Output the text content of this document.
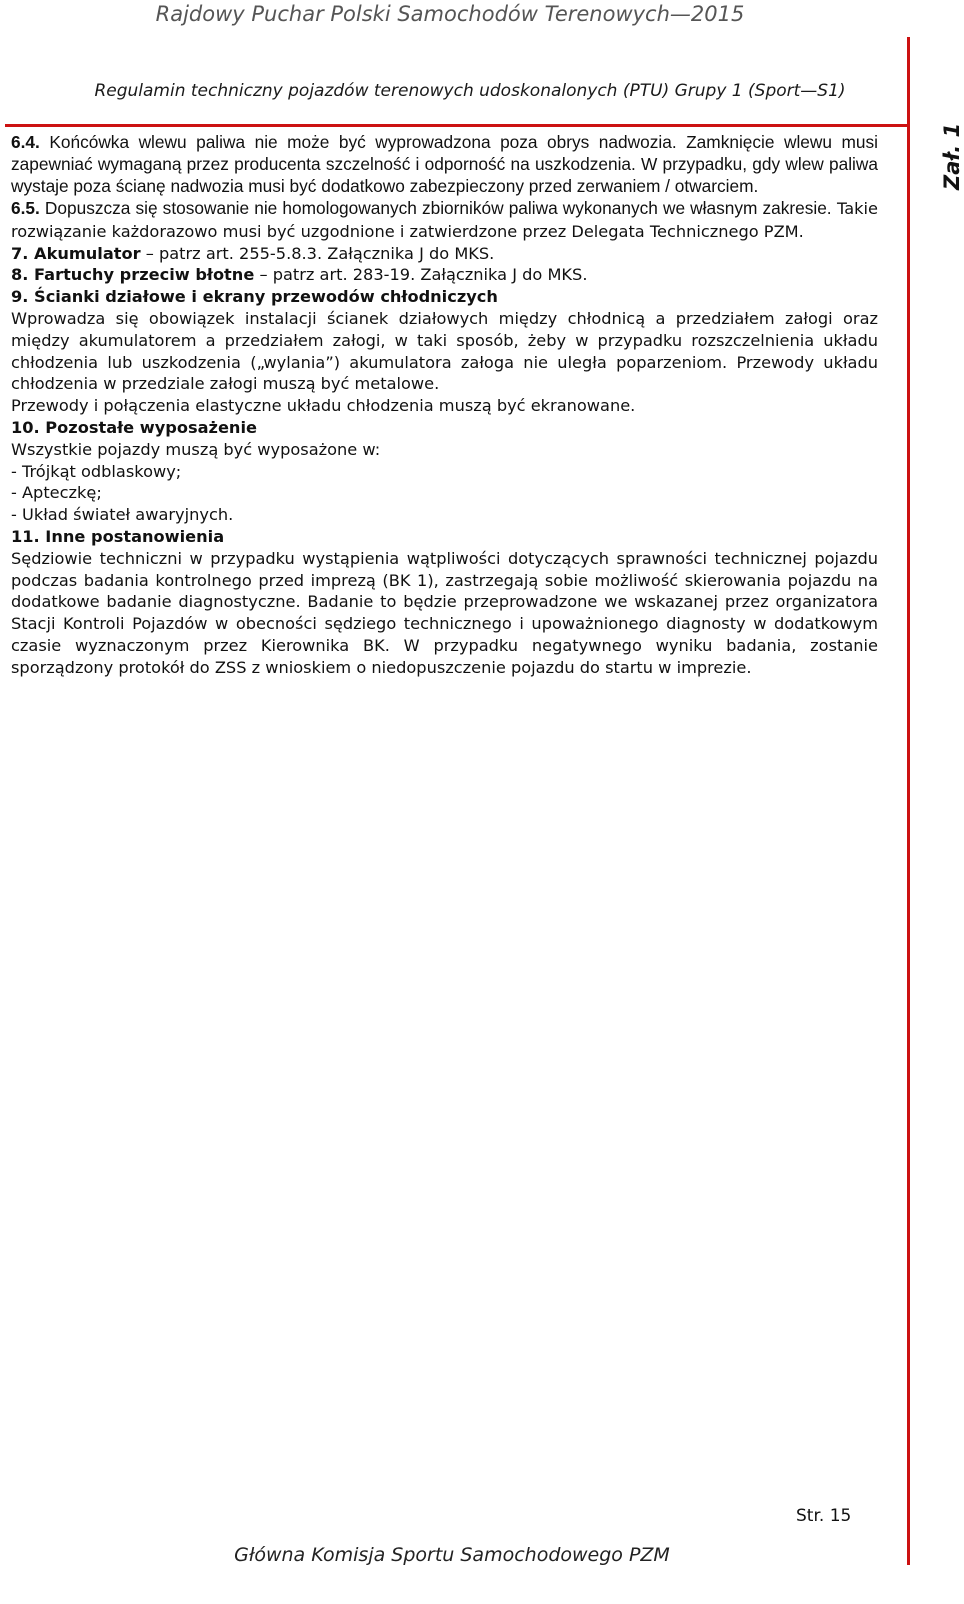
Rajdowy Puchar Polski Samochodów Terenowych—2015
Regulamin techniczny pojazdów terenowych udoskonalonych (PTU) Grupy 1 (Sport—S1)
Zał. 1

6.4. Końcówka wlewu paliwa nie może być wyprowadzona poza obrys nadwozia. Zamknięcie wlewu musi zapewniać wymaganą przez producenta szczelność i odporność na uszkodzenia. W przypadku, gdy wlew paliwa wystaje poza ścianę nadwozia musi być dodatkowo zabezpieczony przed zerwaniem / otwarciem.

6.5. Dopuszcza się stosowanie nie homologowanych zbiorników paliwa wykonanych we własnym zakresie. Takie rozwiązanie każdorazowo musi być uzgodnione i zatwierdzone przez Delegata Technicznego PZM.

7. Akumulator – patrz art. 255-5.8.3. Załącznika J do MKS.

8. Fartuchy przeciw błotne – patrz art. 283-19. Załącznika J do MKS.

9. Ścianki działowe i ekrany przewodów chłodniczych

Wprowadza się obowiązek instalacji ścianek działowych między chłodnicą a przedziałem załogi oraz między akumulatorem a przedziałem załogi, w taki sposób, żeby w przypadku rozszczelnienia układu chłodzenia lub uszkodzenia („wylania”) akumulatora załoga nie uległa poparzeniom. Przewody układu chłodzenia w przedziale załogi muszą być metalowe.

Przewody i połączenia elastyczne układu chłodzenia muszą być ekranowane.

10. Pozostałe wyposażenie

Wszystkie pojazdy muszą być wyposażone w:

- Trójkąt odblaskowy;

- Apteczkę;

- Układ świateł awaryjnych.

11. Inne postanowienia

Sędziowie techniczni w przypadku wystąpienia wątpliwości dotyczących sprawności technicznej pojazdu podczas badania kontrolnego przed imprezą (BK 1), zastrzegają sobie możliwość skierowania pojazdu na dodatkowe badanie diagnostyczne. Badanie to będzie przeprowadzone we wskazanej przez organizatora Stacji Kontroli Pojazdów w obecności sędziego technicznego i upoważnionego diagnosty w dodatkowym czasie wyznaczonym przez Kierownika BK. W przypadku negatywnego wyniku badania, zostanie sporządzony protokół do ZSS z wnioskiem o niedopuszczenie pojazdu do startu w imprezie.

Str. 15
Główna Komisja Sportu Samochodowego PZM
